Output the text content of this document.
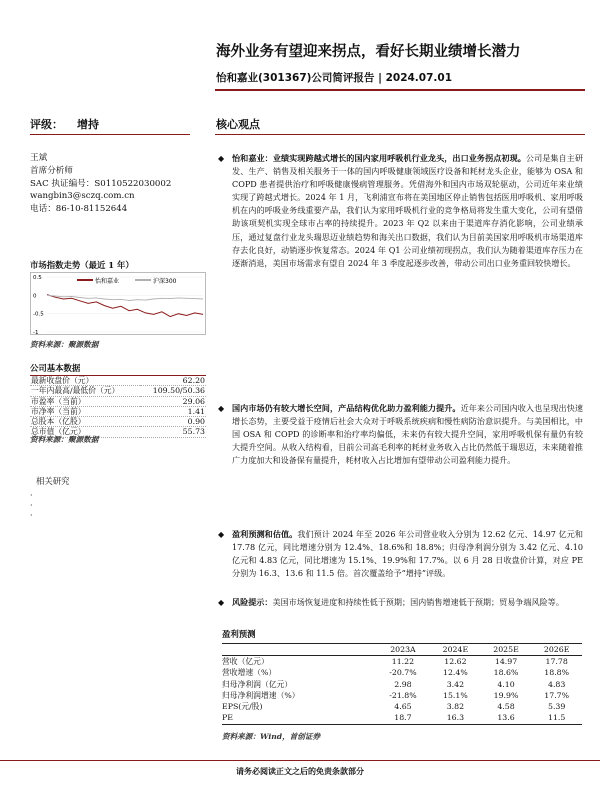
海外业务有望迎来拐点，看好长期业绩增长潜力
怡和嘉业(301367)公司简评报告 | 2024.07.01
评级： 增持	核心观点
王斌
首席分析师
SAC 执证编号：S0110522030002
wangbin3@sczq.com.cn
电话：86-10-81152644
市场指数走势（最近 1 年）
0.5
0
-0.5
-1
怡和嘉业	沪深300
资料来源：聚源数据
公司基本数据
最新收盘价（元）	62.20
一年内最高/最低价（元）	109.50/50.36
市盈率（当前）	29.06
市净率（当前）	1.41
总股本（亿股）	0.90
总市值（亿元）	55.73
资料来源：聚源数据
相关研究
·
·
·
◆ 怡和嘉业：业绩实现跨越式增长的国内家用呼吸机行业龙头，出口业务拐点初现。公司是集自主研发、生产、销售及相关服务于一体的国内呼吸健康领域医疗设备和耗材龙头企业，能够为 OSA 和 COPD 患者提供治疗和呼吸健康慢病管理服务。凭借海外和国内市场双轮驱动，公司近年来业绩实现了跨越式增长。2024 年 1 月，飞利浦宣布将在美国地区停止销售包括医用呼吸机、家用呼吸机在内的呼吸业务线重要产品，我们认为家用呼吸机行业的竞争格局将发生重大变化，公司有望借助该项契机实现全球市占率的持续提升。2023 年 Q2 以来由于渠道库存消化影响，公司业绩承压，通过复盘行业龙头瑞思迈业绩趋势和海关出口数据，我们认为目前美国家用呼吸机市场渠道库存去化良好，动销逐步恢复常态。2024 年 Q1 公司业绩初现拐点，我们认为随着渠道库存压力在逐渐消退，美国市场需求有望自 2024 年 3 季度起逐步改善，带动公司出口业务重回较快增长。
◆ 国内市场仍有较大增长空间，产品结构优化助力盈利能力提升。近年来公司国内收入也呈现出快速增长态势，主要受益于疫情后社会大众对于呼吸系统疾病和慢性病防治意识提升。与美国相比，中国 OSA 和 COPD 的诊断率和治疗率均偏低，未来仍有较大提升空间，家用呼吸机保有量仍有较大提升空间。从收入结构看，目前公司高毛利率的耗材业务收入占比仍然低于瑞思迈，未来随着推广力度加大和设备保有量提升，耗材收入占比增加有望带动公司盈利能力提升。
◆ 盈利预测和估值。我们预计 2024 年至 2026 年公司营业收入分别为 12.62 亿元、14.97 亿元和 17.78 亿元，同比增速分别为 12.4%、18.6%和 18.8%；归母净利润分别为 3.42 亿元、4.10 亿元和 4.83 亿元，同比增速为 15.1%、19.9%和 17.7%。以 6 月 28 日收盘价计算，对应 PE 分别为 16.3、13.6 和 11.5 倍。首次覆盖给予“增持”评级。
◆ 风险提示：美国市场恢复进度和持续性低于预期；国内销售增速低于预期；贸易争端风险等。
盈利预测
	2023A	2024E	2025E	2026E
营收（亿元）	11.22	12.62	14.97	17.78
营收增速（%）	-20.7%	12.4%	18.6%	18.8%
归母净利润（亿元）	2.98	3.42	4.10	4.83
归母净利润增速（%）	-21.8%	15.1%	19.9%	17.7%
EPS(元/股)	4.65	3.82	4.58	5.39
PE	18.7	16.3	13.6	11.5
资料来源：Wind，首创证券
请务必阅读正文之后的免责条款部分
